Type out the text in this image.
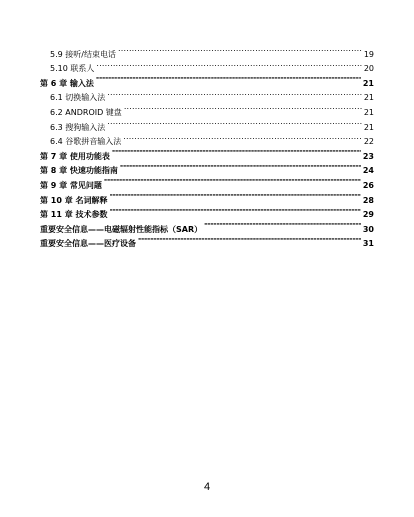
5.9 接听/结束电话 .....	19
5.10 联系人 .....	20
第 6 章 输入法 -----	21
6.1 切换输入法 .....	21
6.2 ANDROID 键盘 .....	21
6.3 搜狗输入法 .....	21
6.4 谷歌拼音输入法 .....	22
第 7 章 使用功能表 -----	23
第 8 章 快速功能指南 -----	24
第 9 章 常见问题 -----	26
第 10 章 名词解释 -----	28
第 11 章 技术参数 -----	29
重要安全信息——电磁辐射性能指标（SAR） -----	30
重要安全信息——医疗设备 -----	31
4
